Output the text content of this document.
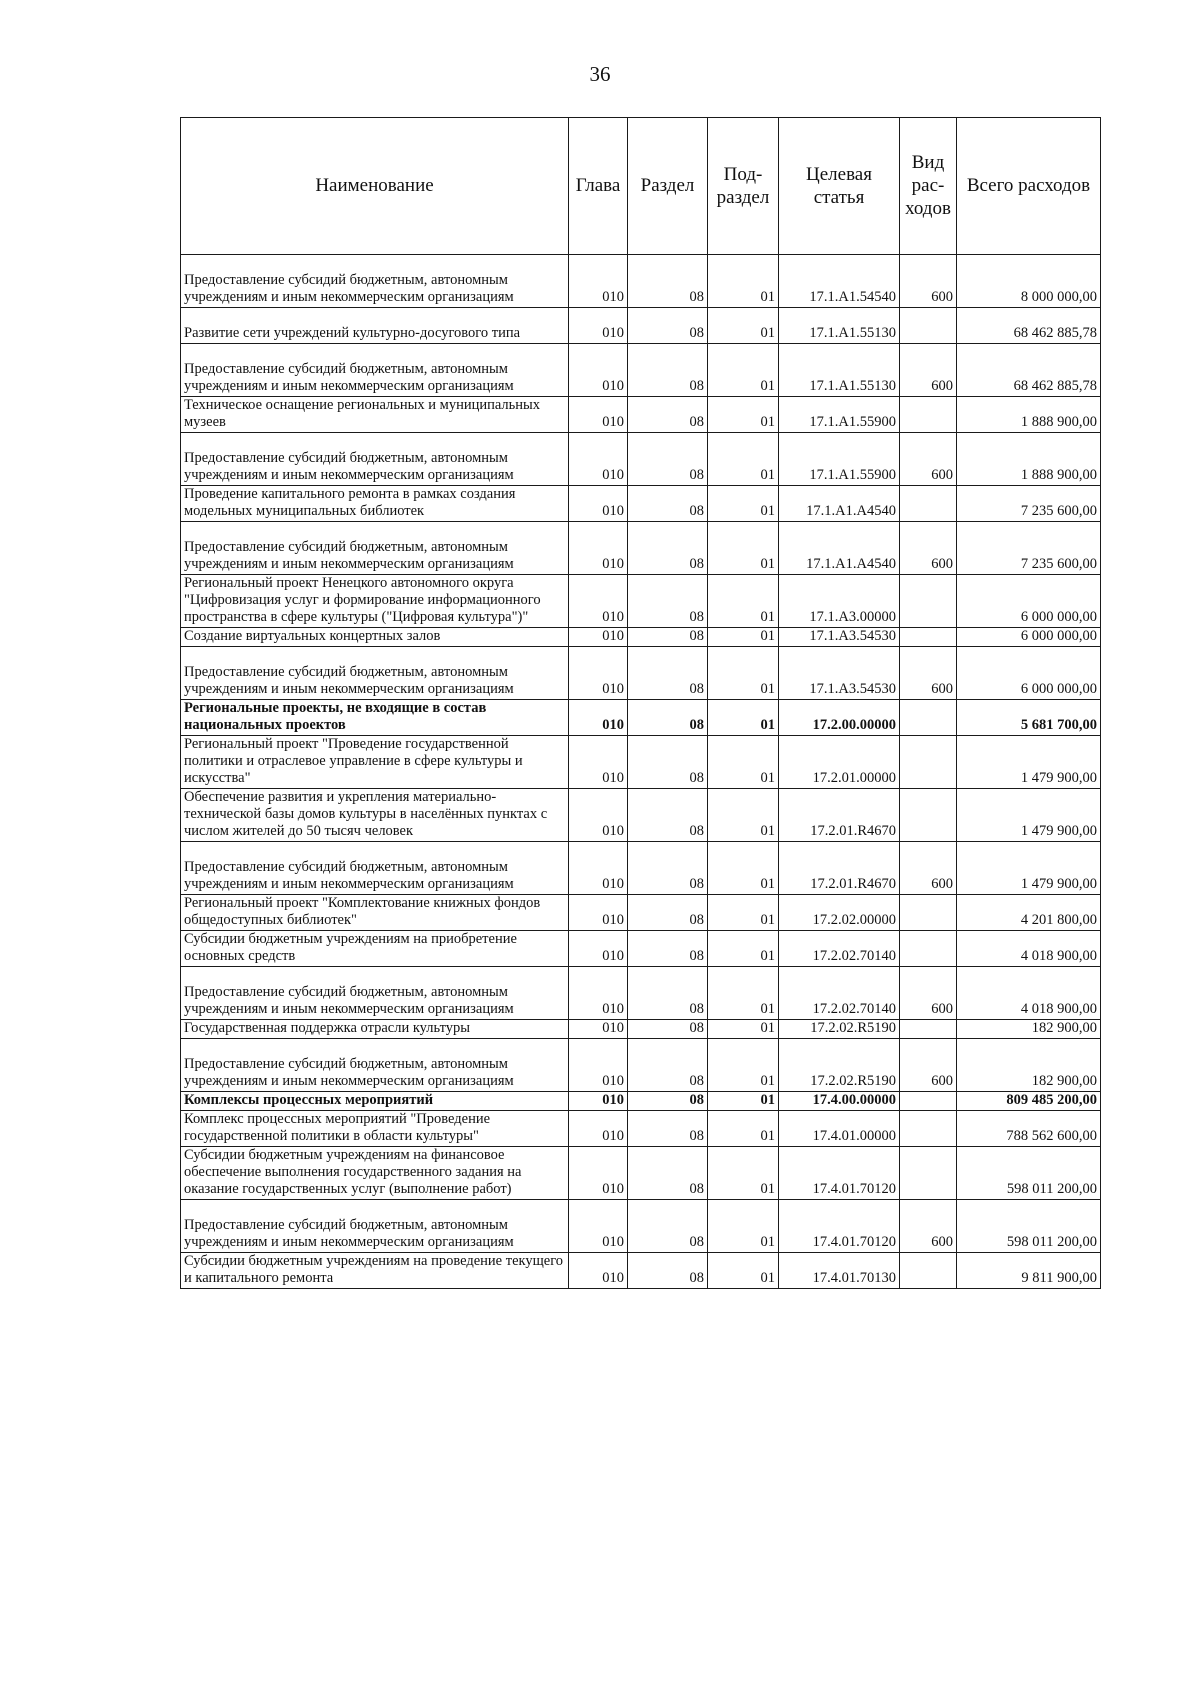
36
Наименование	Глава	Раздел	Под-раздел	Целевая статья	Вид рас-ходов	Всего расходов

Предоставление субсидий бюджетным, автономным учреждениям и иным некоммерческим организациям	010	08	01	17.1.А1.54540	600	8 000 000,00

Развитие сети учреждений культурно-досугового типа	010	08	01	17.1.А1.55130		68 462 885,78

Предоставление субсидий бюджетным, автономным учреждениям и иным некоммерческим организациям	010	08	01	17.1.А1.55130	600	68 462 885,78
Техническое оснащение региональных и муниципальных музеев	010	08	01	17.1.А1.55900		1 888 900,00

Предоставление субсидий бюджетным, автономным учреждениям и иным некоммерческим организациям	010	08	01	17.1.А1.55900	600	1 888 900,00
Проведение капитального ремонта в рамках создания модельных муниципальных библиотек	010	08	01	17.1.А1.А4540		7 235 600,00

Предоставление субсидий бюджетным, автономным учреждениям и иным некоммерческим организациям	010	08	01	17.1.А1.А4540	600	7 235 600,00
Региональный проект Ненецкого автономного округа "Цифровизация услуг и формирование информационного пространства в сфере культуры ("Цифровая культура")"	010	08	01	17.1.А3.00000		6 000 000,00
Создание виртуальных концертных залов	010	08	01	17.1.А3.54530		6 000 000,00

Предоставление субсидий бюджетным, автономным учреждениям и иным некоммерческим организациям	010	08	01	17.1.А3.54530	600	6 000 000,00
Региональные проекты, не входящие в состав национальных проектов	010	08	01	17.2.00.00000		5 681 700,00
Региональный проект "Проведение государственной политики и отраслевое управление в сфере культуры и искусства"	010	08	01	17.2.01.00000		1 479 900,00
Обеспечение развития и укрепления материально-технической базы домов культуры в населённых пунктах с числом жителей до 50 тысяч человек	010	08	01	17.2.01.R4670		1 479 900,00

Предоставление субсидий бюджетным, автономным учреждениям и иным некоммерческим организациям	010	08	01	17.2.01.R4670	600	1 479 900,00
Региональный проект "Комплектование книжных фондов общедоступных библиотек"	010	08	01	17.2.02.00000		4 201 800,00
Субсидии бюджетным учреждениям на приобретение основных средств	010	08	01	17.2.02.70140		4 018 900,00

Предоставление субсидий бюджетным, автономным учреждениям и иным некоммерческим организациям	010	08	01	17.2.02.70140	600	4 018 900,00
Государственная поддержка отрасли культуры	010	08	01	17.2.02.R5190		182 900,00

Предоставление субсидий бюджетным, автономным учреждениям и иным некоммерческим организациям	010	08	01	17.2.02.R5190	600	182 900,00
Комплексы процессных мероприятий	010	08	01	17.4.00.00000		809 485 200,00
Комплекс процессных мероприятий "Проведение государственной политики в области культуры"	010	08	01	17.4.01.00000		788 562 600,00
Субсидии бюджетным учреждениям на финансовое обеспечение выполнения государственного задания на оказание государственных услуг (выполнение работ)	010	08	01	17.4.01.70120		598 011 200,00

Предоставление субсидий бюджетным, автономным учреждениям и иным некоммерческим организациям	010	08	01	17.4.01.70120	600	598 011 200,00
Субсидии бюджетным учреждениям на проведение текущего и капитального ремонта	010	08	01	17.4.01.70130		9 811 900,00
